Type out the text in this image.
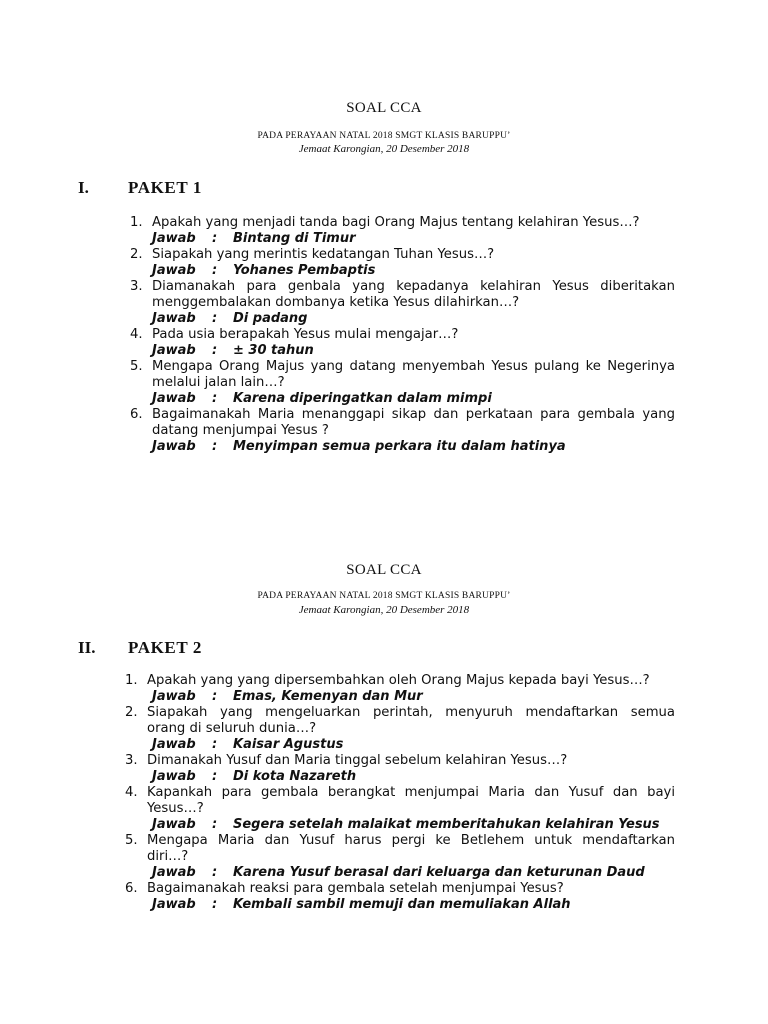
SOAL CCA
PADA PERAYAAN NATAL 2018 SMGT KLASIS BARUPPU’
Jemaat Karongian, 20 Desember 2018
I. PAKET 1
1. Apakah yang menjadi tanda bagi Orang Majus tentang kelahiran Yesus…?
Jawab : Bintang di Timur
2. Siapakah yang merintis kedatangan Tuhan Yesus…?
Jawab : Yohanes Pembaptis
3. Diamanakah para genbala yang kepadanya kelahiran Yesus diberitakan
menggembalakan dombanya ketika Yesus dilahirkan…?
Jawab : Di padang
4. Pada usia berapakah Yesus mulai mengajar…?
Jawab : ± 30 tahun
5. Mengapa Orang Majus yang datang menyembah Yesus pulang ke Negerinya
melalui jalan lain…?
Jawab : Karena diperingatkan dalam mimpi
6. Bagaimanakah Maria menanggapi sikap dan perkataan para gembala yang
datang menjumpai Yesus ?
Jawab : Menyimpan semua perkara itu dalam hatinya
SOAL CCA
PADA PERAYAAN NATAL 2018 SMGT KLASIS BARUPPU’
Jemaat Karongian, 20 Desember 2018
II. PAKET 2
1. Apakah yang yang dipersembahkan oleh Orang Majus kepada bayi Yesus…?
Jawab : Emas, Kemenyan dan Mur
2. Siapakah yang mengeluarkan perintah, menyuruh mendaftarkan semua
orang di seluruh dunia…?
Jawab : Kaisar Agustus
3. Dimanakah Yusuf dan Maria tinggal sebelum kelahiran Yesus…?
Jawab : Di kota Nazareth
4. Kapankah para gembala berangkat menjumpai Maria dan Yusuf dan bayi
Yesus…?
Jawab : Segera setelah malaikat memberitahukan kelahiran Yesus
5. Mengapa Maria dan Yusuf harus pergi ke Betlehem untuk mendaftarkan
diri…?
Jawab : Karena Yusuf berasal dari keluarga dan keturunan Daud
6. Bagaimanakah reaksi para gembala setelah menjumpai Yesus?
Jawab : Kembali sambil memuji dan memuliakan Allah
